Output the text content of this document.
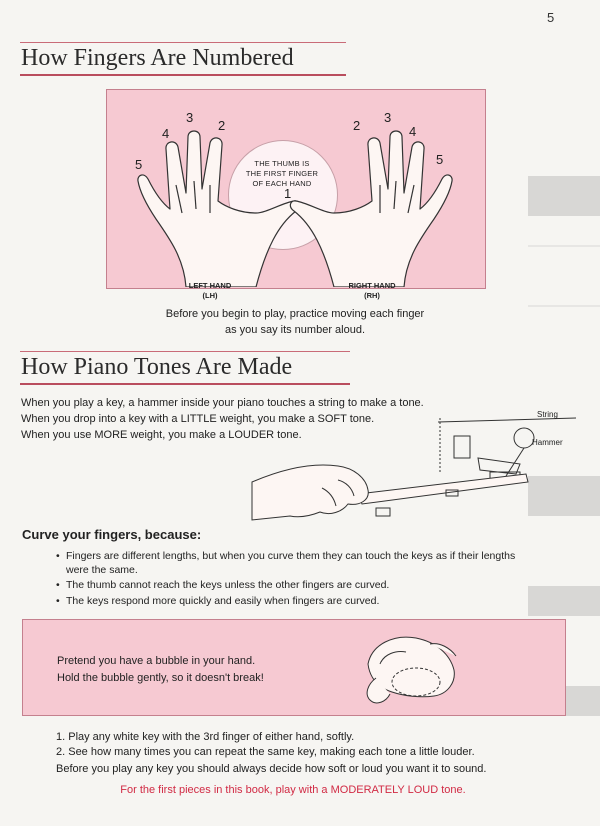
5
How Fingers Are Numbered
THE THUMB IS
THE FIRST FINGER
OF EACH HAND
1
5
4
3
2	2
3
4
5
LEFT HAND
(LH)
RIGHT HAND
(RH)
Before you begin to play, practice moving each finger
as you say its number aloud.
How Piano Tones Are Made
When you play a key, a hammer inside your piano touches a string to make a tone.
When you drop into a key with a LITTLE weight, you make a SOFT tone.
When you use MORE weight, you make a LOUDER tone.
String
Hammer
Curve your fingers, because:
• Fingers are different lengths, but when you curve them they can touch the keys as if their lengths were the same.
• The thumb cannot reach the keys unless the other fingers are curved.
• The keys respond more quickly and easily when fingers are curved.
Pretend you have a bubble in your hand.
Hold the bubble gently, so it doesn't break!
1. Play any white key with the 3rd finger of either hand, softly.
2. See how many times you can repeat the same key, making each tone a little louder.
Before you play any key you should always decide how soft or loud you want it to sound.
For the first pieces in this book, play with a MODERATELY LOUD tone.
